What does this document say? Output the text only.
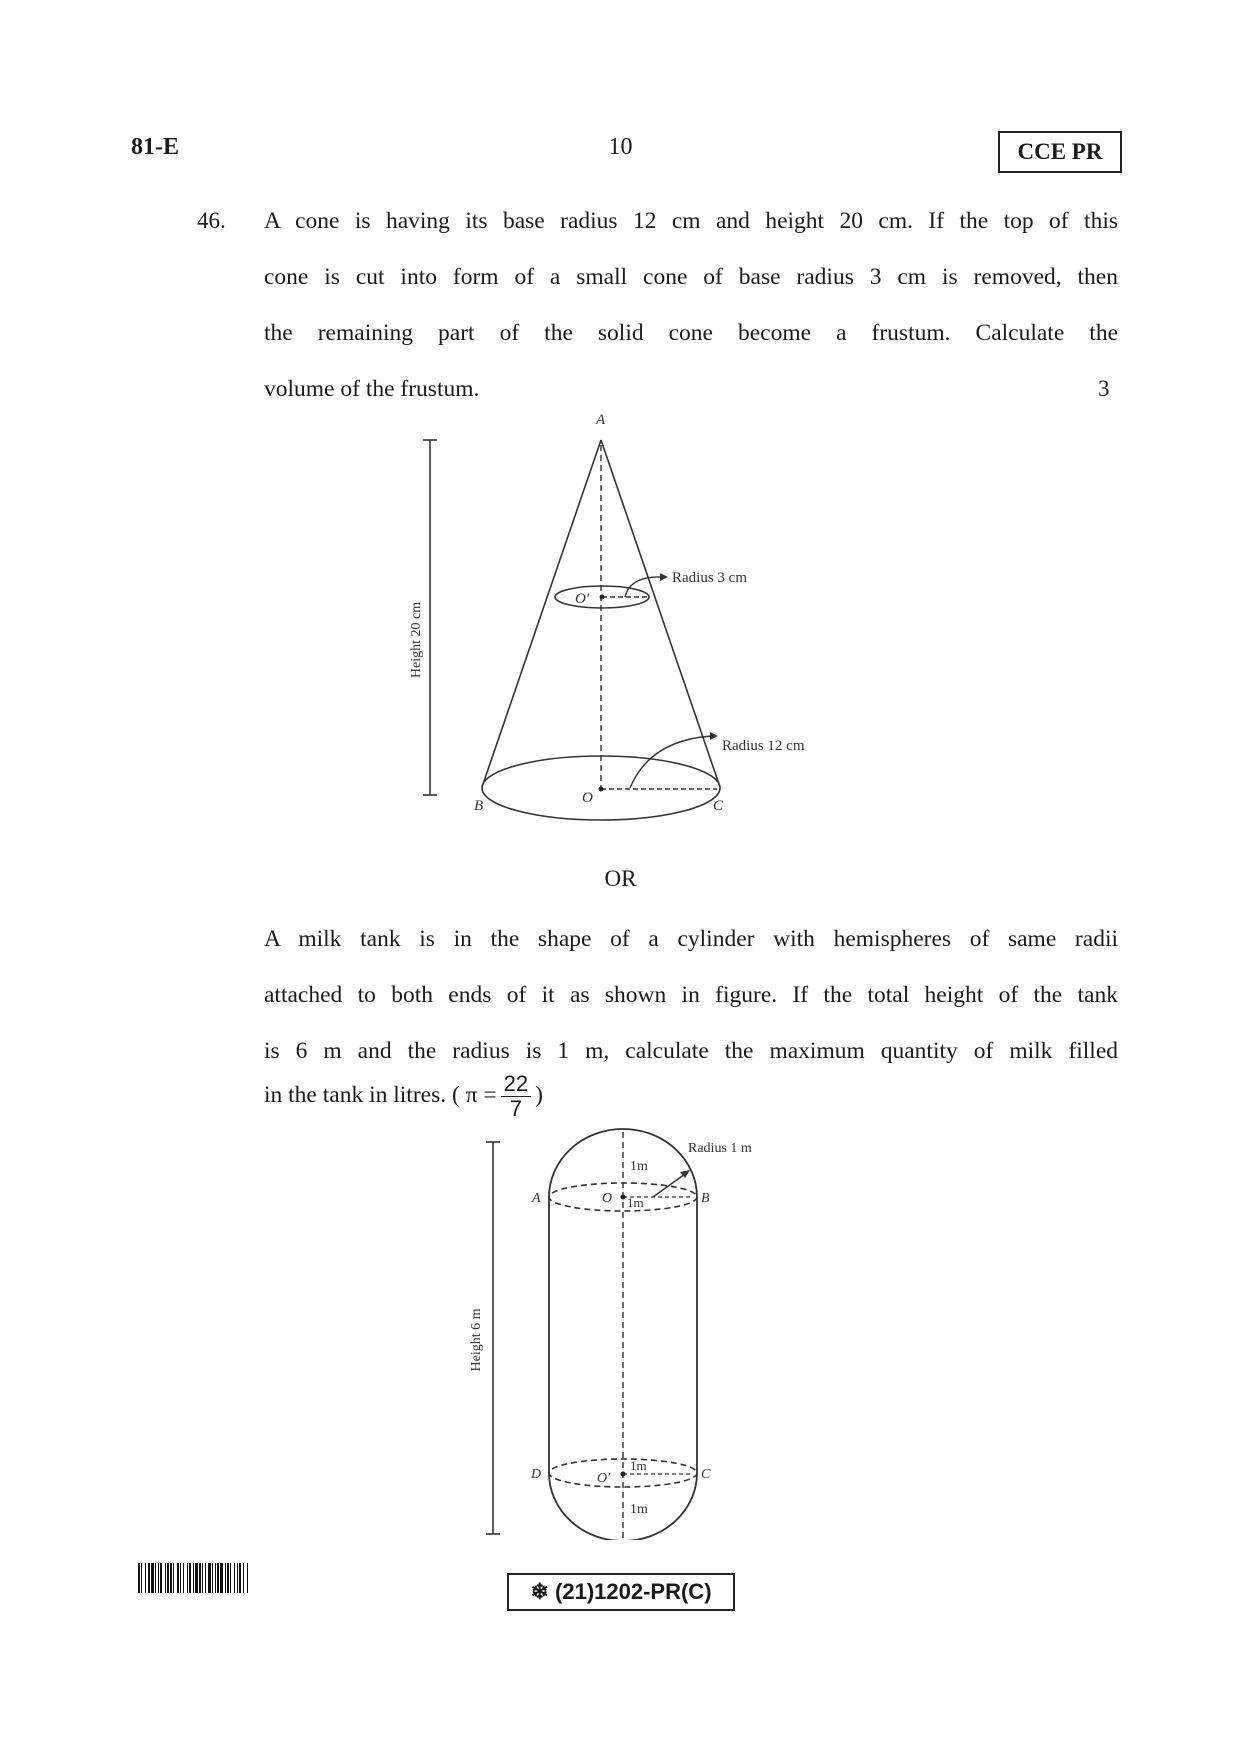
81-E	10	CCE PR
46. A cone is having its base radius 12 cm and height 20 cm. If the top of this
cone is cut into form of a small cone of base radius 3 cm is removed, then
the remaining part of the solid cone become a frustum. Calculate the
volume of the frustum.	3
Height 20 cm
A
B	C
O
O′
Radius 3 cm
Radius 12 cm
OR
A milk tank is in the shape of a cylinder with hemispheres of same radii
attached to both ends of it as shown in figure. If the total height of the tank
is 6 m and the radius is 1 m, calculate the maximum quantity of milk filled
in the tank in litres. ( $\pi = \frac{22}{7}$ )
Height 6 m
Radius 1 m
A	B
C
D
O
O′
1m
1m
1m
1m
❄ (21)1202-PR(C)
